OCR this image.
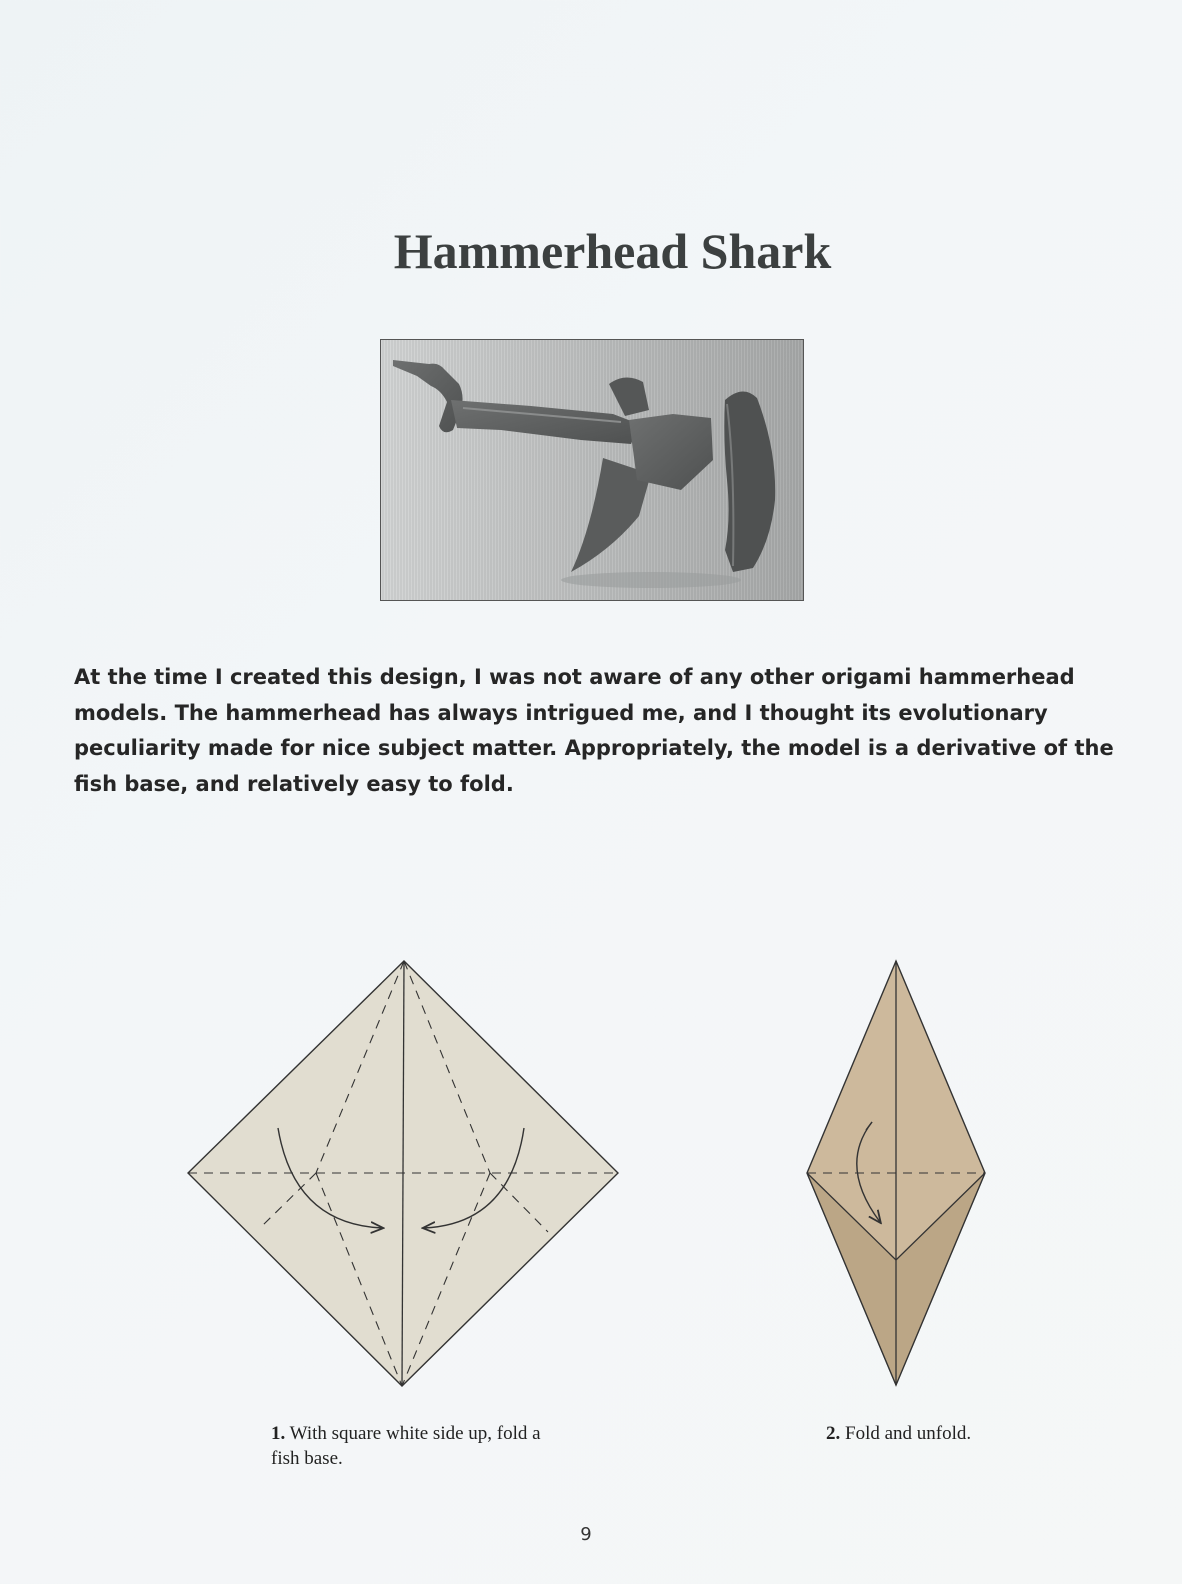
Hammerhead Shark

At the time I created this design, I was not aware of any other origami hammerhead models. The hammerhead has always intrigued me, and I thought its evolutionary peculiarity made for nice subject matter. Appropriately, the model is a derivative of the fish base, and relatively easy to fold.

1. With square white side up, fold a fish base.

2. Fold and unfold.

9
